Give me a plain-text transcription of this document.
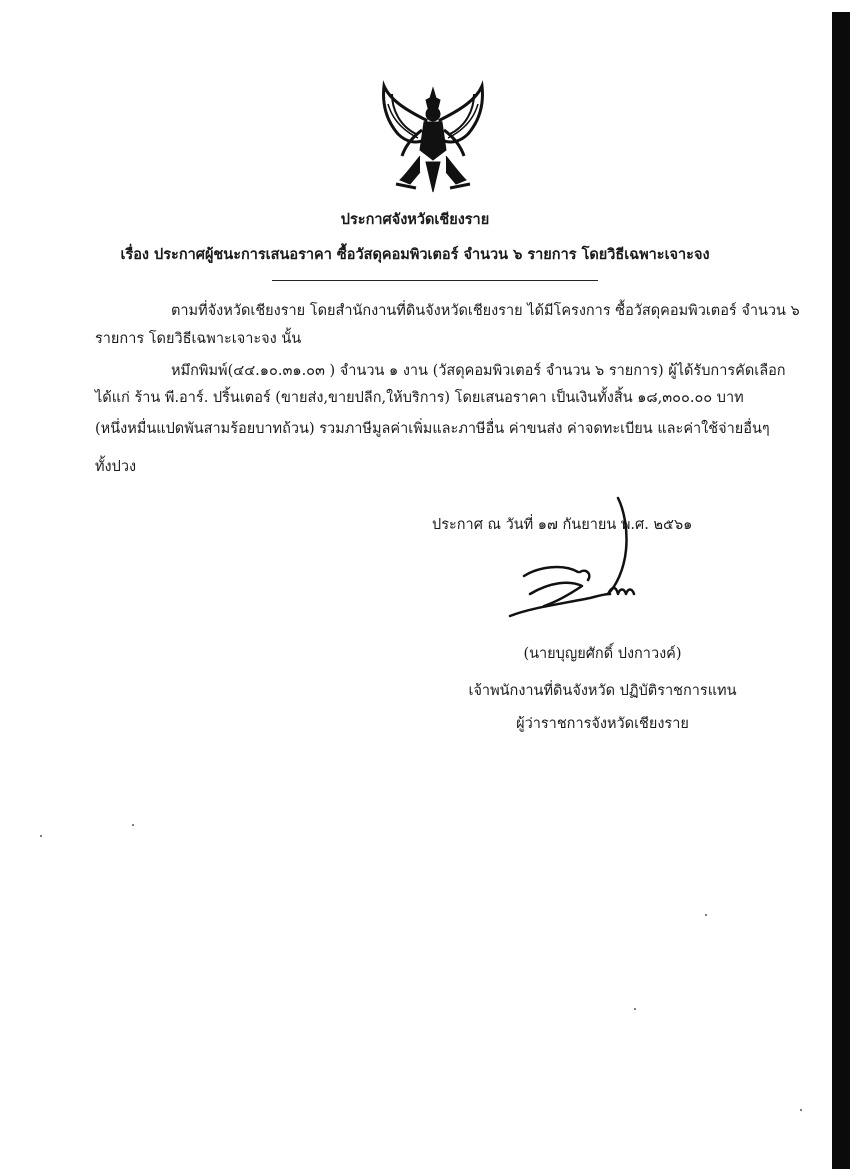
ประกาศจังหวัดเชียงราย
เรื่อง ประกาศผู้ชนะการเสนอราคา ซื้อวัสดุคอมพิวเตอร์ จำนวน ๖ รายการ โดยวิธีเฉพาะเจาะจง
ตามที่จังหวัดเชียงราย โดยสำนักงานที่ดินจังหวัดเชียงราย ได้มีโครงการ ซื้อวัสดุคอมพิวเตอร์ จำนวน ๖
รายการ โดยวิธีเฉพาะเจาะจง นั้น
หมึกพิมพ์(๔๔.๑๐.๓๑.๐๓ ) จำนวน ๑ งาน (วัสดุคอมพิวเตอร์ จำนวน ๖ รายการ) ผู้ได้รับการคัดเลือก
ได้แก่ ร้าน พี.อาร์. ปริ้นเตอร์ (ขายส่ง,ขายปลีก,ให้บริการ) โดยเสนอราคา เป็นเงินทั้งสิ้น ๑๘,๓๐๐.๐๐ บาท
(หนึ่งหมื่นแปดพันสามร้อยบาทถ้วน) รวมภาษีมูลค่าเพิ่มและภาษีอื่น ค่าขนส่ง ค่าจดทะเบียน และค่าใช้จ่ายอื่นๆ
ทั้งปวง
ประกาศ ณ วันที่ ๑๗ กันยายน พ.ศ. ๒๕๖๑
(นายบุญยศักดิ์ ปงกาวงค์)
เจ้าพนักงานที่ดินจังหวัด ปฏิบัติราชการแทน
ผู้ว่าราชการจังหวัดเชียงราย
